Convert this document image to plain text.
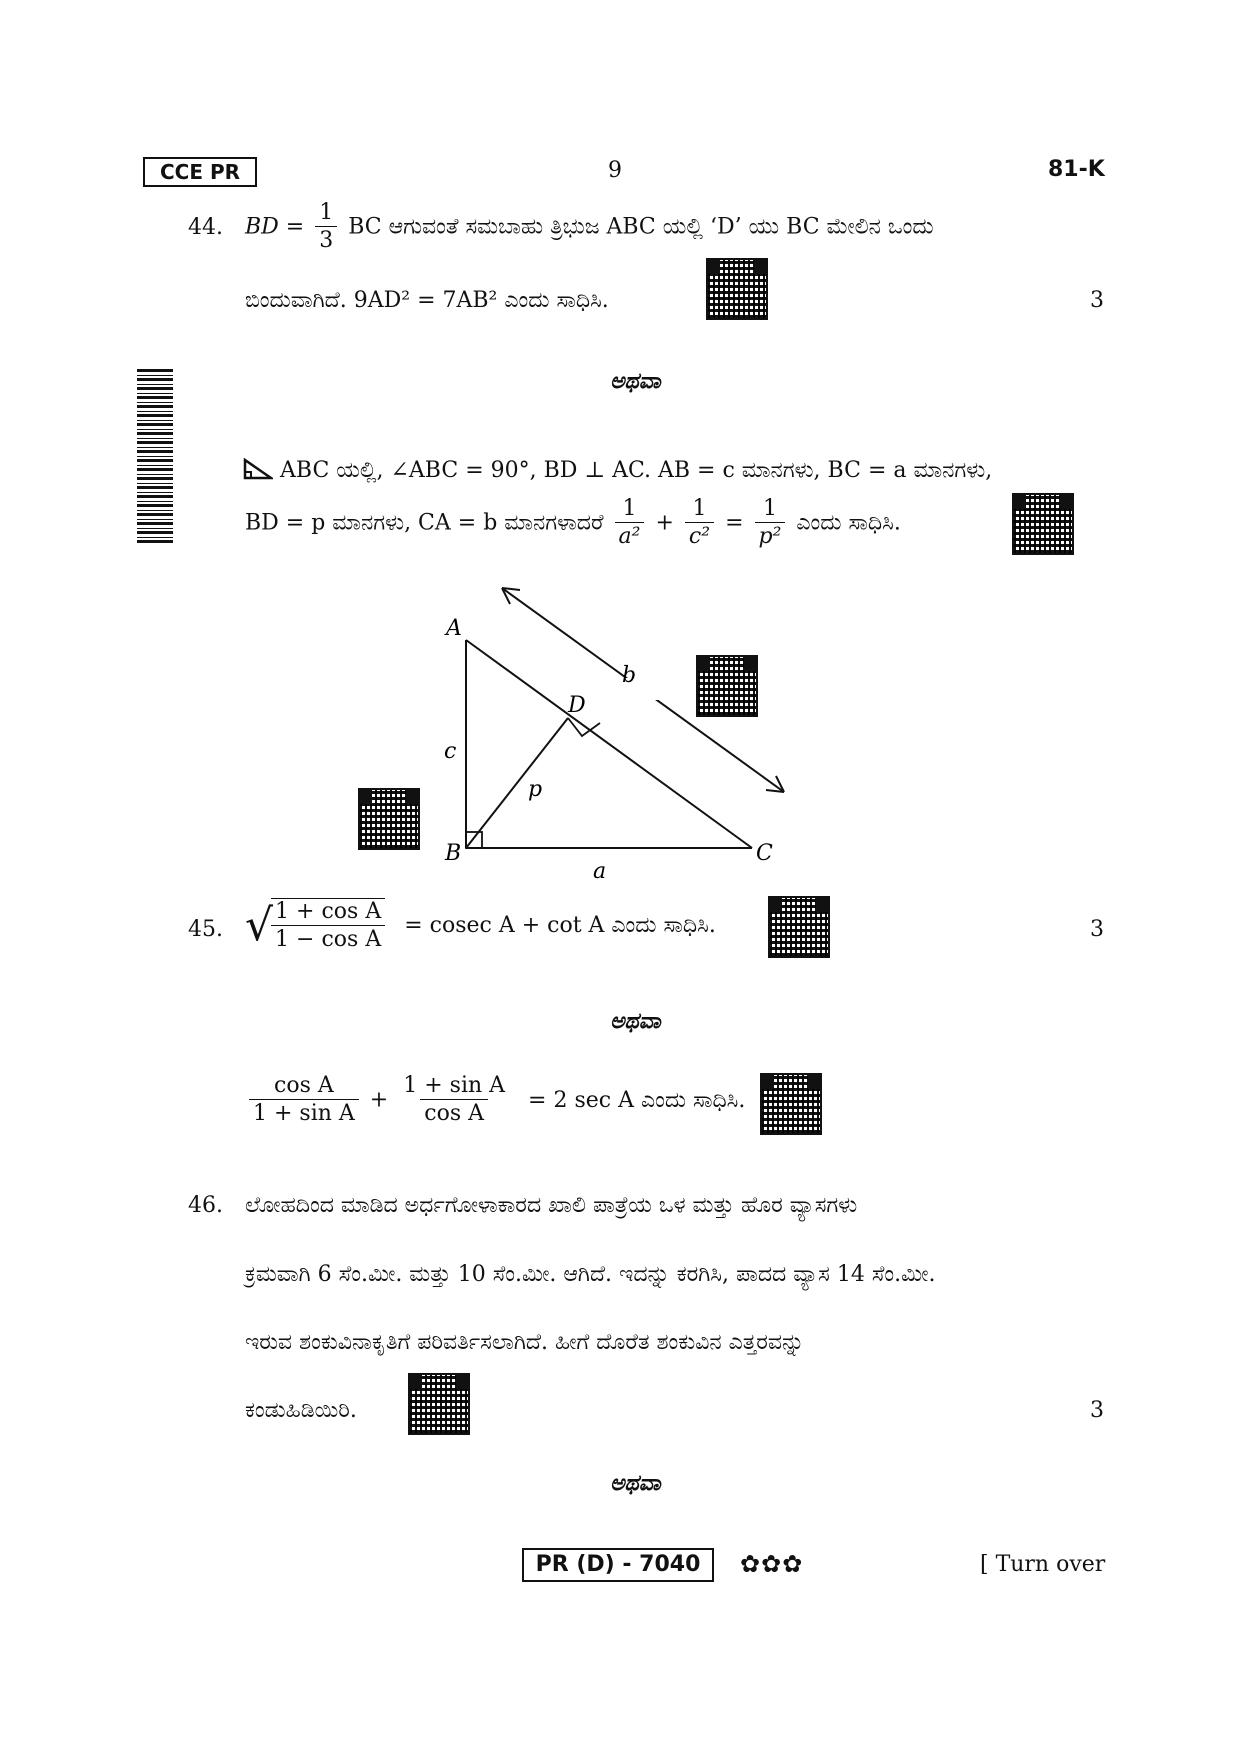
CCE PR	9	81-K
44. BD = $\frac{1}{3}$ BC ಆಗುವಂತೆ ಸಮಬಾಹು ತ್ರಿಭುಜ ABC ಯಲ್ಲಿ ‘D’ ಯು BC ಮೇಲಿನ ಒಂದು
ಬಿಂದುವಾಗಿದೆ. 9AD² = 7AB² ಎಂದು ಸಾಧಿಸಿ.	3
ಅಥವಾ
ABC ಯಲ್ಲಿ, ∠ABC = 90°, BD ⊥ AC. AB = c ಮಾನಗಳು, BC = a ಮಾನಗಳು,
BD = p ಮಾನಗಳು, CA = b ಮಾನಗಳಾದರೆ $\frac{1}{\text{a²}} + \frac{1}{\text{c²}} = \frac{1}{\text{p²}}$ ಎಂದು ಸಾಧಿಸಿ.
A
B	C
D
a
b
c
p
45. √
$\frac{\text{1 + cos A}}{\text{1 − cos A}} = cosec$ A + cot A ಎಂದು ಸಾಧಿಸಿ.	3
ಅಥವಾ
$\frac{\text{cos A}}{\text{1 + sin A}} + \frac{\text{1 + sin A}}{\text{cos A}} = 2$ sec A ಎಂದು ಸಾಧಿಸಿ.
46. ಲೋಹದಿಂದ ಮಾಡಿದ ಅರ್ಧಗೋಳಾಕಾರದ ಖಾಲಿ ಪಾತ್ರೆಯ ಒಳ ಮತ್ತು ಹೊರ ವ್ಯಾಸಗಳು
ಕ್ರಮವಾಗಿ 6 ಸೆಂ.ಮೀ. ಮತ್ತು 10 ಸೆಂ.ಮೀ. ಆಗಿದೆ. ಇದನ್ನು ಕರಗಿಸಿ, ಪಾದದ ವ್ಯಾಸ 14 ಸೆಂ.ಮೀ.
ಇರುವ ಶಂಕುವಿನಾಕೃತಿಗೆ ಪರಿವರ್ತಿಸಲಾಗಿದೆ. ಹೀಗೆ ದೊರೆತ ಶಂಕುವಿನ ಎತ್ತರವನ್ನು
ಕಂಡುಹಿಡಿಯಿರಿ.	3
ಅಥವಾ
PR (D) - 7040	✿✿✿	[ Turn over
